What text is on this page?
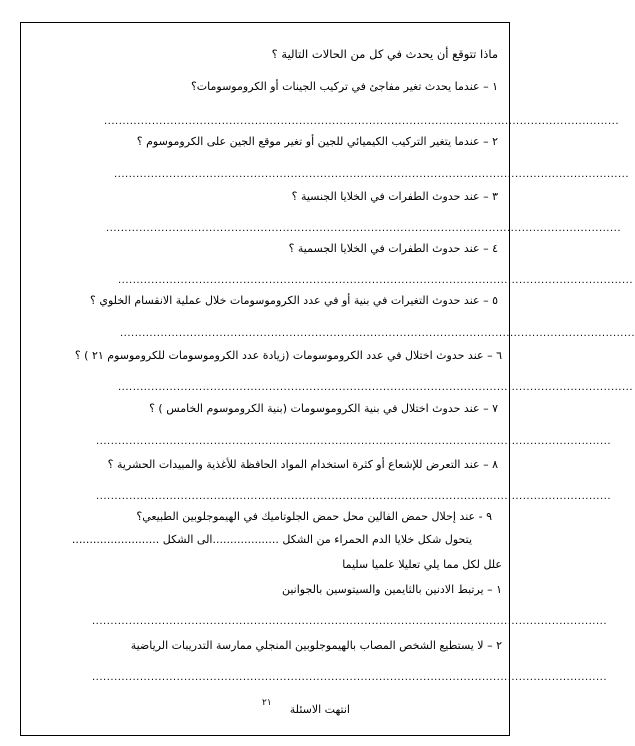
ماذا تتوقع أن يحدث في كل من الحالات التالية ؟
١ – عندما يحدث تغير مفاجئ في تركيب الجينات أو الكروموسومات؟
............................................................................................................................................
٢ – عندما يتغير التركيب الكيميائي للجين أو تغير موقع الجين على الكروموسوم ؟
............................................................................................................................................
٣ – عند حدوث الطفرات في الخلايا الجنسية ؟
............................................................................................................................................
٤ – عند حدوث الطفرات في الخلايا الجسمية ؟
............................................................................................................................................
٥ – عند حدوث التغيرات في بنية أو في عدد الكروموسومات خلال عملية الانقسام الخلوي ؟
............................................................................................................................................
٦ – عند حدوث اختلال في عدد الكروموسومات (زيادة عدد الكروموسومات للكروموسوم ٢١ ) ؟
............................................................................................................................................
٧ – عند حدوث اختلال في بنية الكروموسومات (بنية الكروموسوم الخامس ) ؟
............................................................................................................................................
٨ – عند التعرض للإشعاع أو كثرة استخدام المواد الحافظة للأغذية والمبيدات الحشرية ؟
............................................................................................................................................
٩ - عند إحلال حمض الفالين محل حمض الجلوتاميك في الهيموجلوبين الطبيعي؟
يتحول شكل خلايا الدم الحمراء من الشكل ...................الى الشكل .........................
علل لكل مما يلي تعليلا علميا سليما
١ – يرتبط الادنين بالثايمين والسيتوسين بالجوانين
............................................................................................................................................
٢ – لا يستطيع الشخص المصاب بالهيموجلوبين المنجلي ممارسة التدريبات الرياضية
............................................................................................................................................
انتهت الاسئلة
٢١
